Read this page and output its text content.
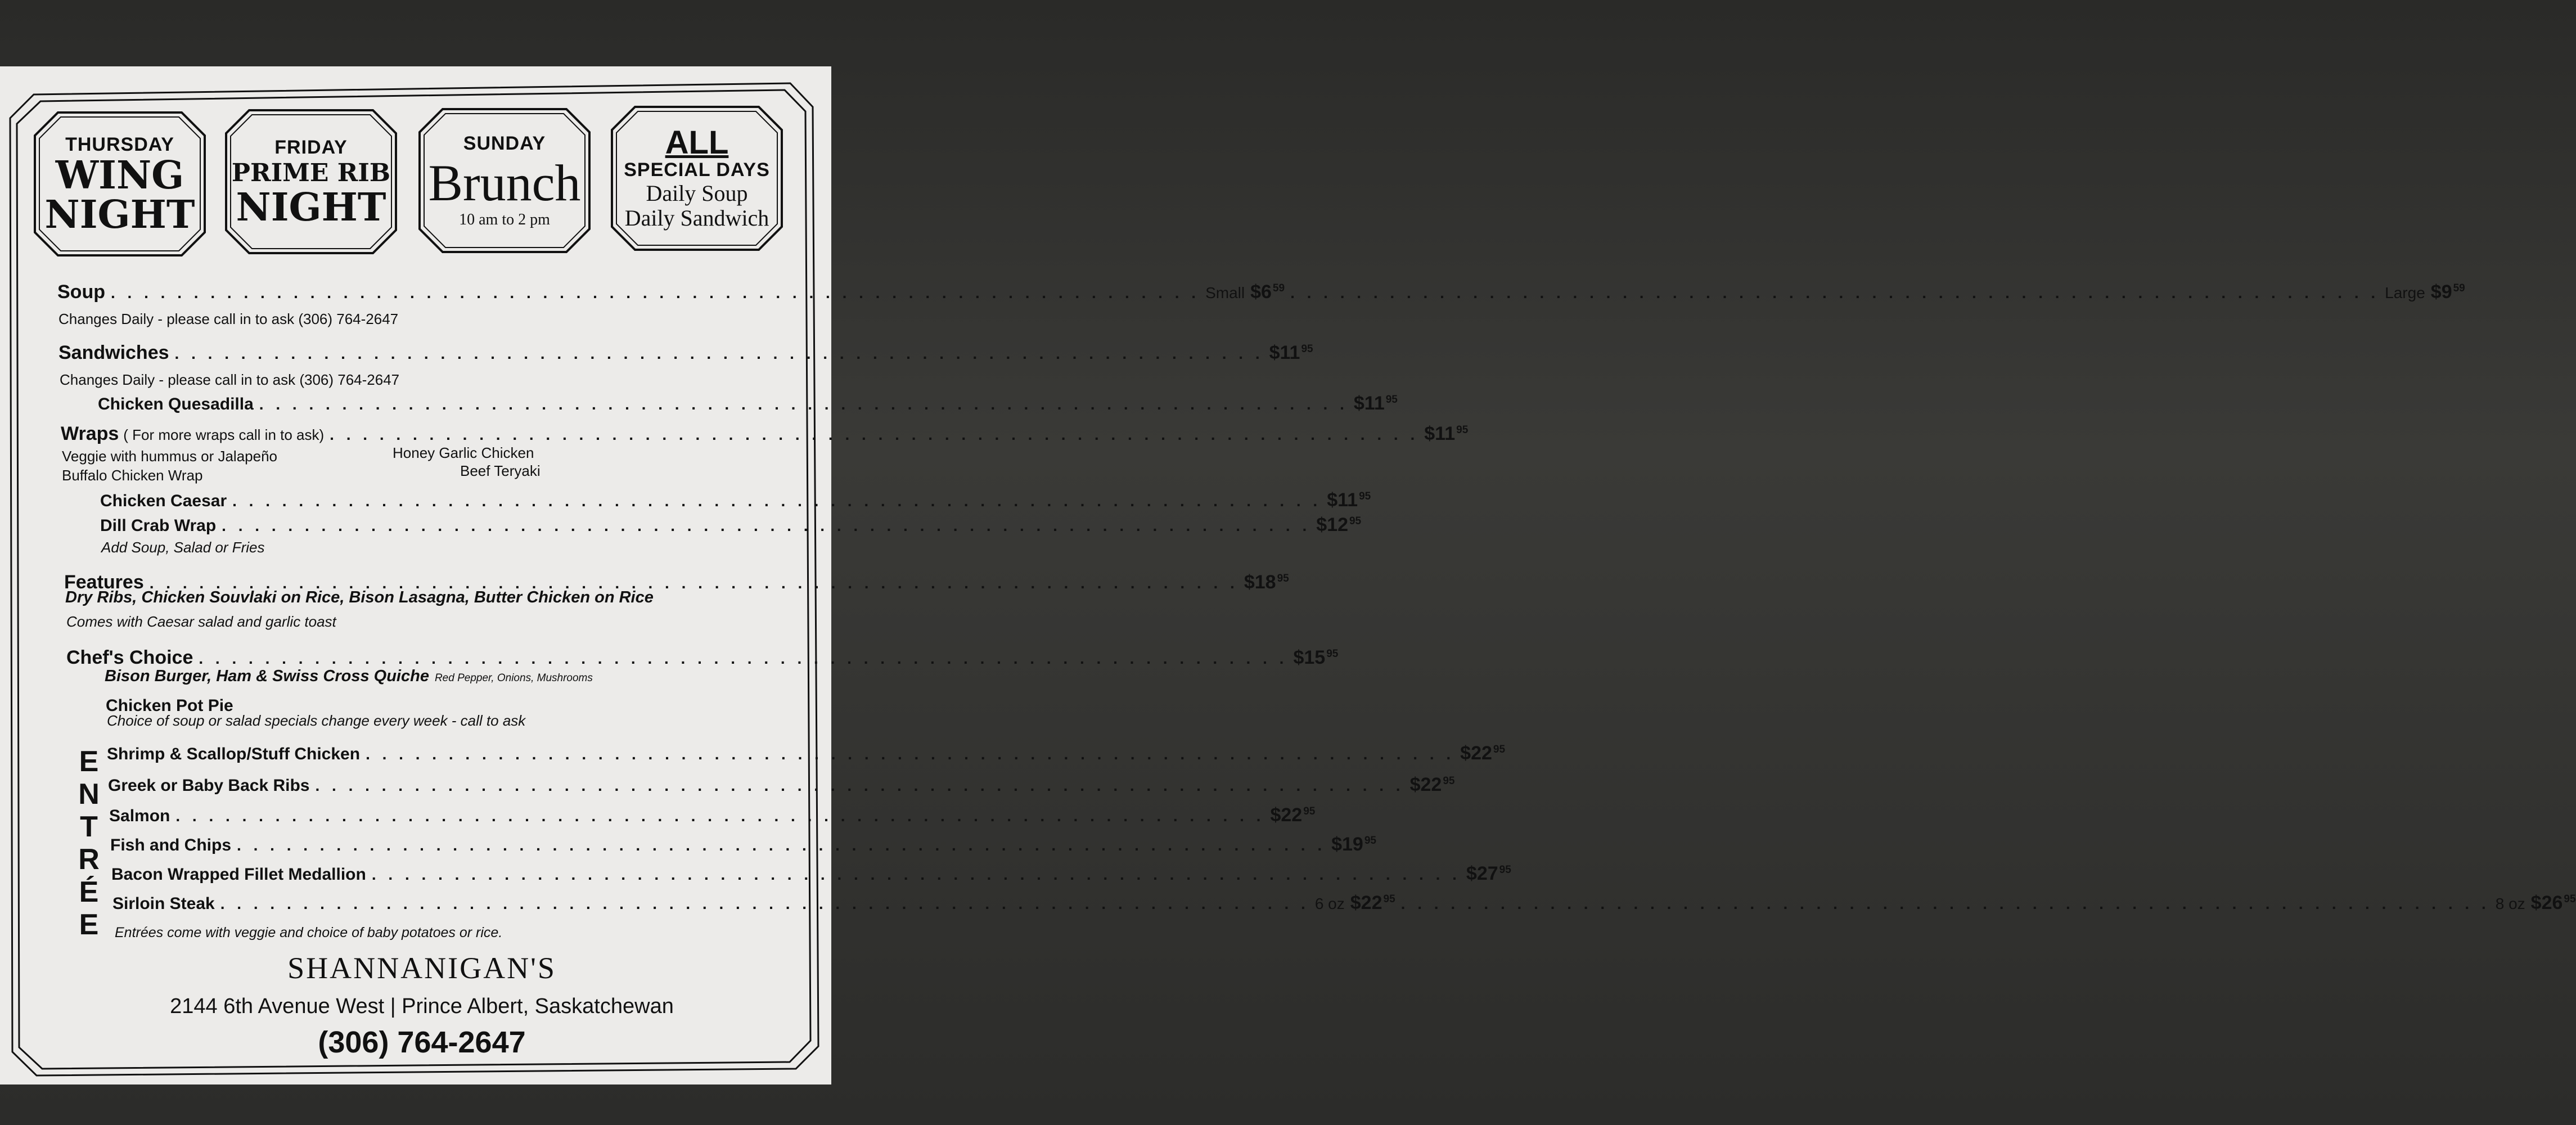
THURSDAY
WING
NIGHT
FRIDAY
PRIME RIB
NIGHT
SUNDAY
Brunch
10 am to 2 pm
ALL
SPECIAL DAYS
Daily Soup
Daily Sandwich
Soup . . . . . . . . . . . . . . . . . . . . . . . . . . . . . . . . . . . . . . . . . . . . . . . . . . . . . . . . . . . . . . . . . . Small $6 $^{59}$ . . . . . . . . . . . . . . . . . . . . . . . . . . . . . . . . . . . . . . . . . . . . . . . . . . . . . . . . . . . . . . . . . . Large $9 $^{59}$
Changes Daily - please call in to ask (306) 764-2647
Sandwiches . . . . . . . . . . . . . . . . . . . . . . . . . . . . . . . . . . . . . . . . . . . . . . . . . . . . . . . . . . . . . . . . . . $11 $^{95}$
Changes Daily - please call in to ask (306) 764-2647
Chicken Quesadilla . . . . . . . . . . . . . . . . . . . . . . . . . . . . . . . . . . . . . . . . . . . . . . . . . . . . . . . . . . . . . . . . . . $11 $^{95}$
Wraps ( For more wraps call in to ask) . . . . . . . . . . . . . . . . . . . . . . . . . . . . . . . . . . . . . . . . . . . . . . . . . . . . . . . . . . . . . . . . . . $11 $^{95}$
Veggie with hummus or Jalapeño
Buffalo Chicken Wrap
Honey Garlic Chicken
Beef Teryaki
Chicken Caesar . . . . . . . . . . . . . . . . . . . . . . . . . . . . . . . . . . . . . . . . . . . . . . . . . . . . . . . . . . . . . . . . . . $11 $^{95}$
Dill Crab Wrap . . . . . . . . . . . . . . . . . . . . . . . . . . . . . . . . . . . . . . . . . . . . . . . . . . . . . . . . . . . . . . . . . . $12 $^{95}$
Add Soup, Salad or Fries
Features . . . . . . . . . . . . . . . . . . . . . . . . . . . . . . . . . . . . . . . . . . . . . . . . . . . . . . . . . . . . . . . . . . $18 $^{95}$
Dry Ribs, Chicken Souvlaki on Rice, Bison Lasagna, Butter Chicken on Rice
Comes with Caesar salad and garlic toast
Chef's Choice . . . . . . . . . . . . . . . . . . . . . . . . . . . . . . . . . . . . . . . . . . . . . . . . . . . . . . . . . . . . . . . . . . $15 $^{95}$
Bison Burger, Ham & Swiss Cross Quiche Red Pepper, Onions, Mushrooms
Chicken Pot Pie
Choice of soup or salad specials change every week - call to ask
E
N
T
R
É
E
Shrimp & Scallop/Stuff Chicken . . . . . . . . . . . . . . . . . . . . . . . . . . . . . . . . . . . . . . . . . . . . . . . . . . . . . . . . . . . . . . . . . . $22 $^{95}$
Greek or Baby Back Ribs . . . . . . . . . . . . . . . . . . . . . . . . . . . . . . . . . . . . . . . . . . . . . . . . . . . . . . . . . . . . . . . . . . $22 $^{95}$
Salmon . . . . . . . . . . . . . . . . . . . . . . . . . . . . . . . . . . . . . . . . . . . . . . . . . . . . . . . . . . . . . . . . . . $22 $^{95}$
Fish and Chips . . . . . . . . . . . . . . . . . . . . . . . . . . . . . . . . . . . . . . . . . . . . . . . . . . . . . . . . . . . . . . . . . . $19 $^{95}$
Bacon Wrapped Fillet Medallion . . . . . . . . . . . . . . . . . . . . . . . . . . . . . . . . . . . . . . . . . . . . . . . . . . . . . . . . . . . . . . . . . . $27 $^{95}$
Sirloin Steak . . . . . . . . . . . . . . . . . . . . . . . . . . . . . . . . . . . . . . . . . . . . . . . . . . . . . . . . . . . . . . . . . . 6 oz $22 $^{95}$ . . . . . . . . . . . . . . . . . . . . . . . . . . . . . . . . . . . . . . . . . . . . . . . . . . . . . . . . . . . . . . . . . . 8 oz $26 $^{95}$
Entrées come with veggie and choice of baby potatoes or rice.
SHANNANIGAN'S
2144 6th Avenue West | Prince Albert, Saskatchewan
(306) 764-2647
